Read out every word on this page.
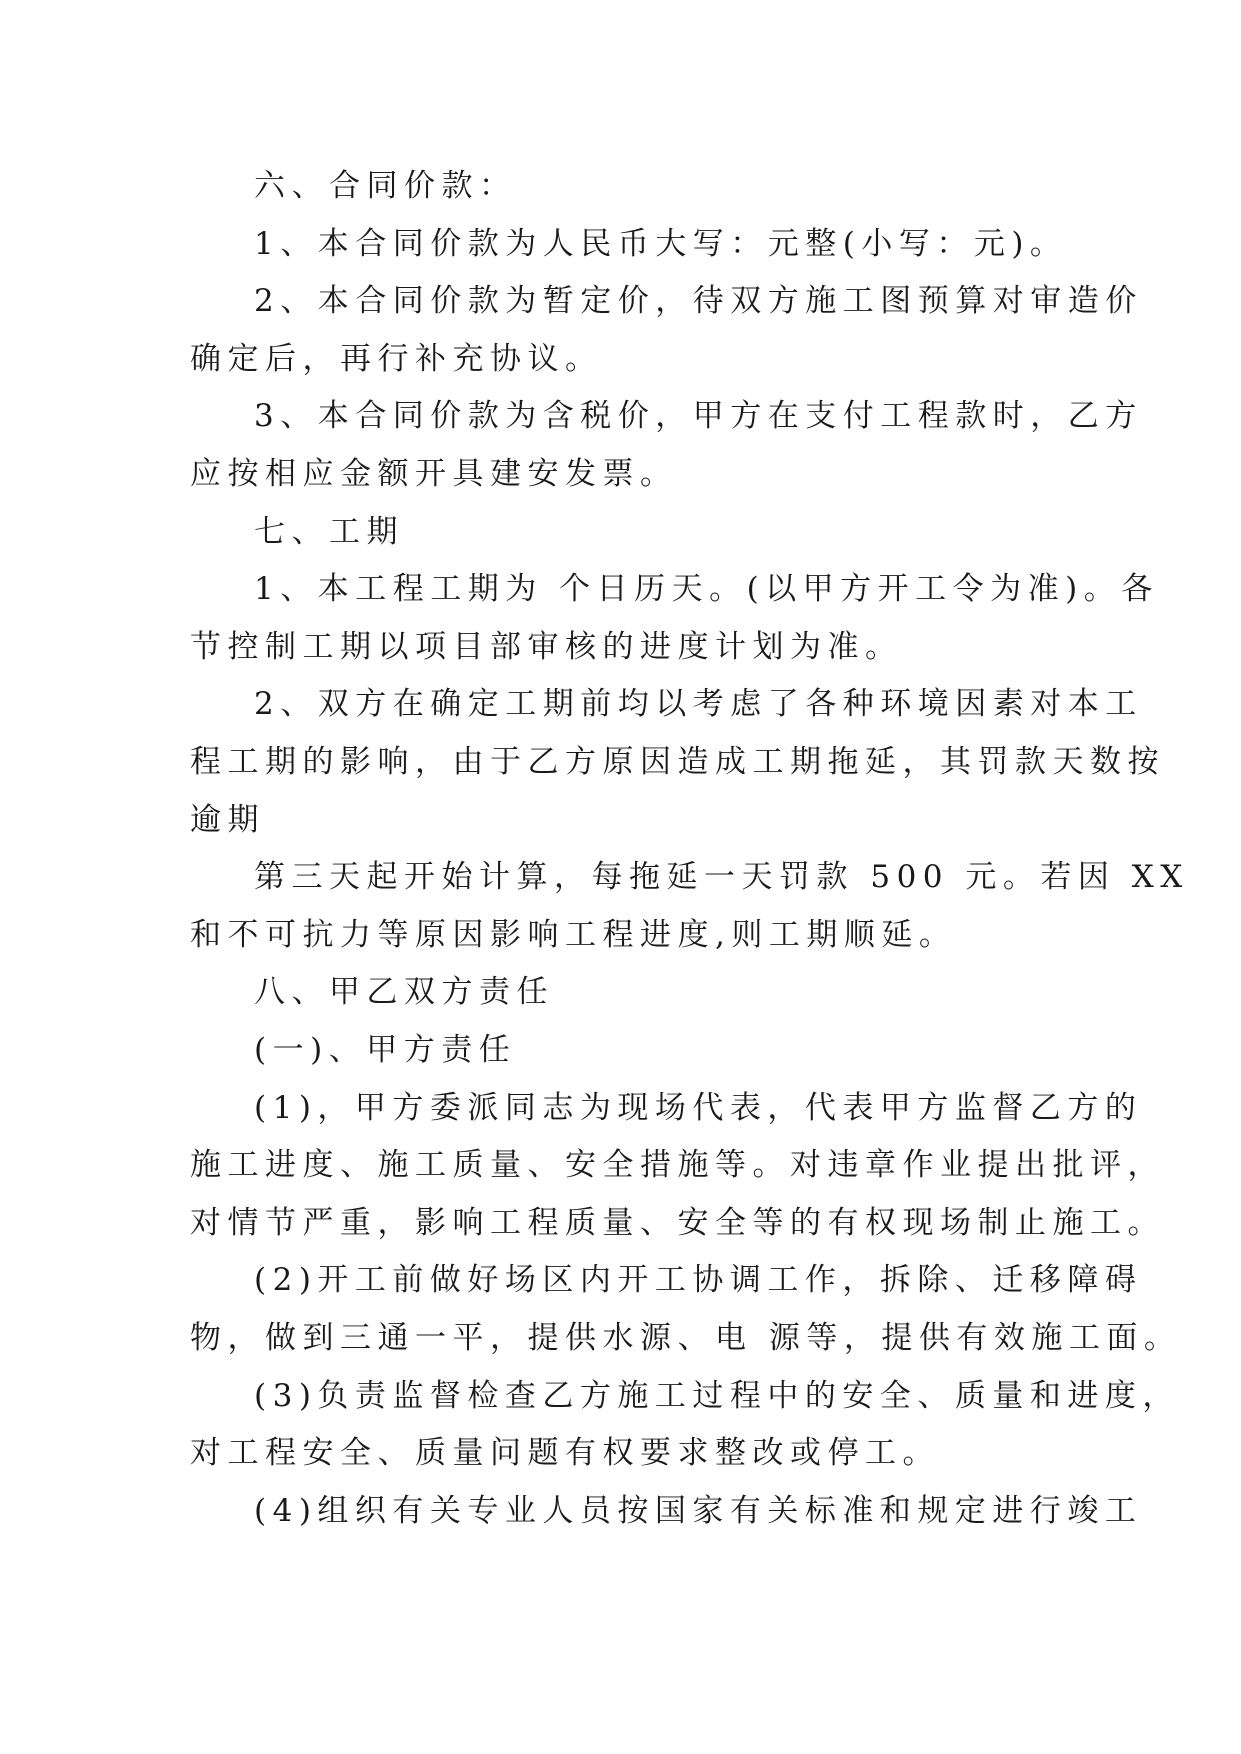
六、合同价款：
1、本合同价款为人民币大写：元整(小写：元)。
2、本合同价款为暂定价，待双方施工图预算对审造价
确定后，再行补充协议。
3、本合同价款为含税价，甲方在支付工程款时，乙方
应按相应金额开具建安发票。
七、工期
1、本工程工期为 个日历天。(以甲方开工令为准)。各
节控制工期以项目部审核的进度计划为准。
2、双方在确定工期前均以考虑了各种环境因素对本工
程工期的影响，由于乙方原因造成工期拖延，其罚款天数按
逾期
第三天起开始计算，每拖延一天罚款 500 元。若因 XX
和不可抗力等原因影响工程进度,则工期顺延。
八、甲乙双方责任
(一)、甲方责任
(1)，甲方委派同志为现场代表，代表甲方监督乙方的
施工进度、施工质量、安全措施等。对违章作业提出批评，
对情节严重，影响工程质量、安全等的有权现场制止施工。
(2)开工前做好场区内开工协调工作，拆除、迁移障碍
物，做到三通一平，提供水源、电 源等，提供有效施工面。
(3)负责监督检查乙方施工过程中的安全、质量和进度，
对工程安全、质量问题有权要求整改或停工。
(4)组织有关专业人员按国家有关标准和规定进行竣工
